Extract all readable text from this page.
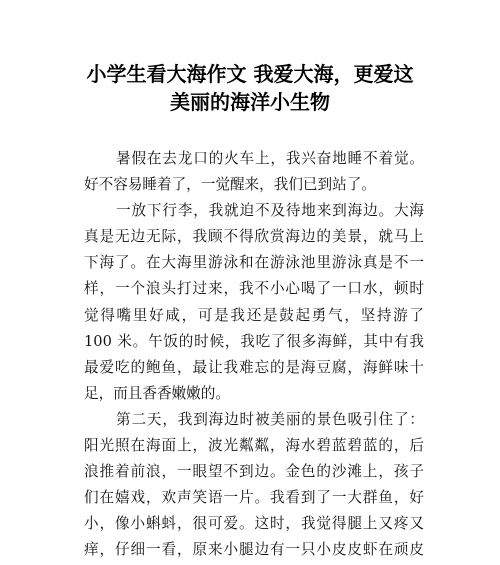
小学生看大海作文 我爱大海，更爱这
美丽的海洋小生物
暑假在去龙口的火车上，我兴奋地睡不着觉。
好不容易睡着了，一觉醒来，我们已到站了。
一放下行李，我就迫不及待地来到海边。大海
真是无边无际，我顾不得欣赏海边的美景，就马上
下海了。在大海里游泳和在游泳池里游泳真是不一
样，一个浪头打过来，我不小心喝了一口水，顿时
觉得嘴里好咸，可是我还是鼓起勇气，坚持游了
100 米。午饭的时候，我吃了很多海鲜，其中有我
最爱吃的鲍鱼，最让我难忘的是海豆腐，海鲜味十
足，而且香香嫩嫩的。
第二天，我到海边时被美丽的景色吸引住了：
阳光照在海面上，波光粼粼，海水碧蓝碧蓝的，后
浪推着前浪，一眼望不到边。金色的沙滩上，孩子
们在嬉戏，欢声笑语一片。我看到了一大群鱼，好
小，像小蝌蚪，很可爱。这时，我觉得腿上又疼又
痒，仔细一看，原来小腿边有一只小皮皮虾在顽皮
